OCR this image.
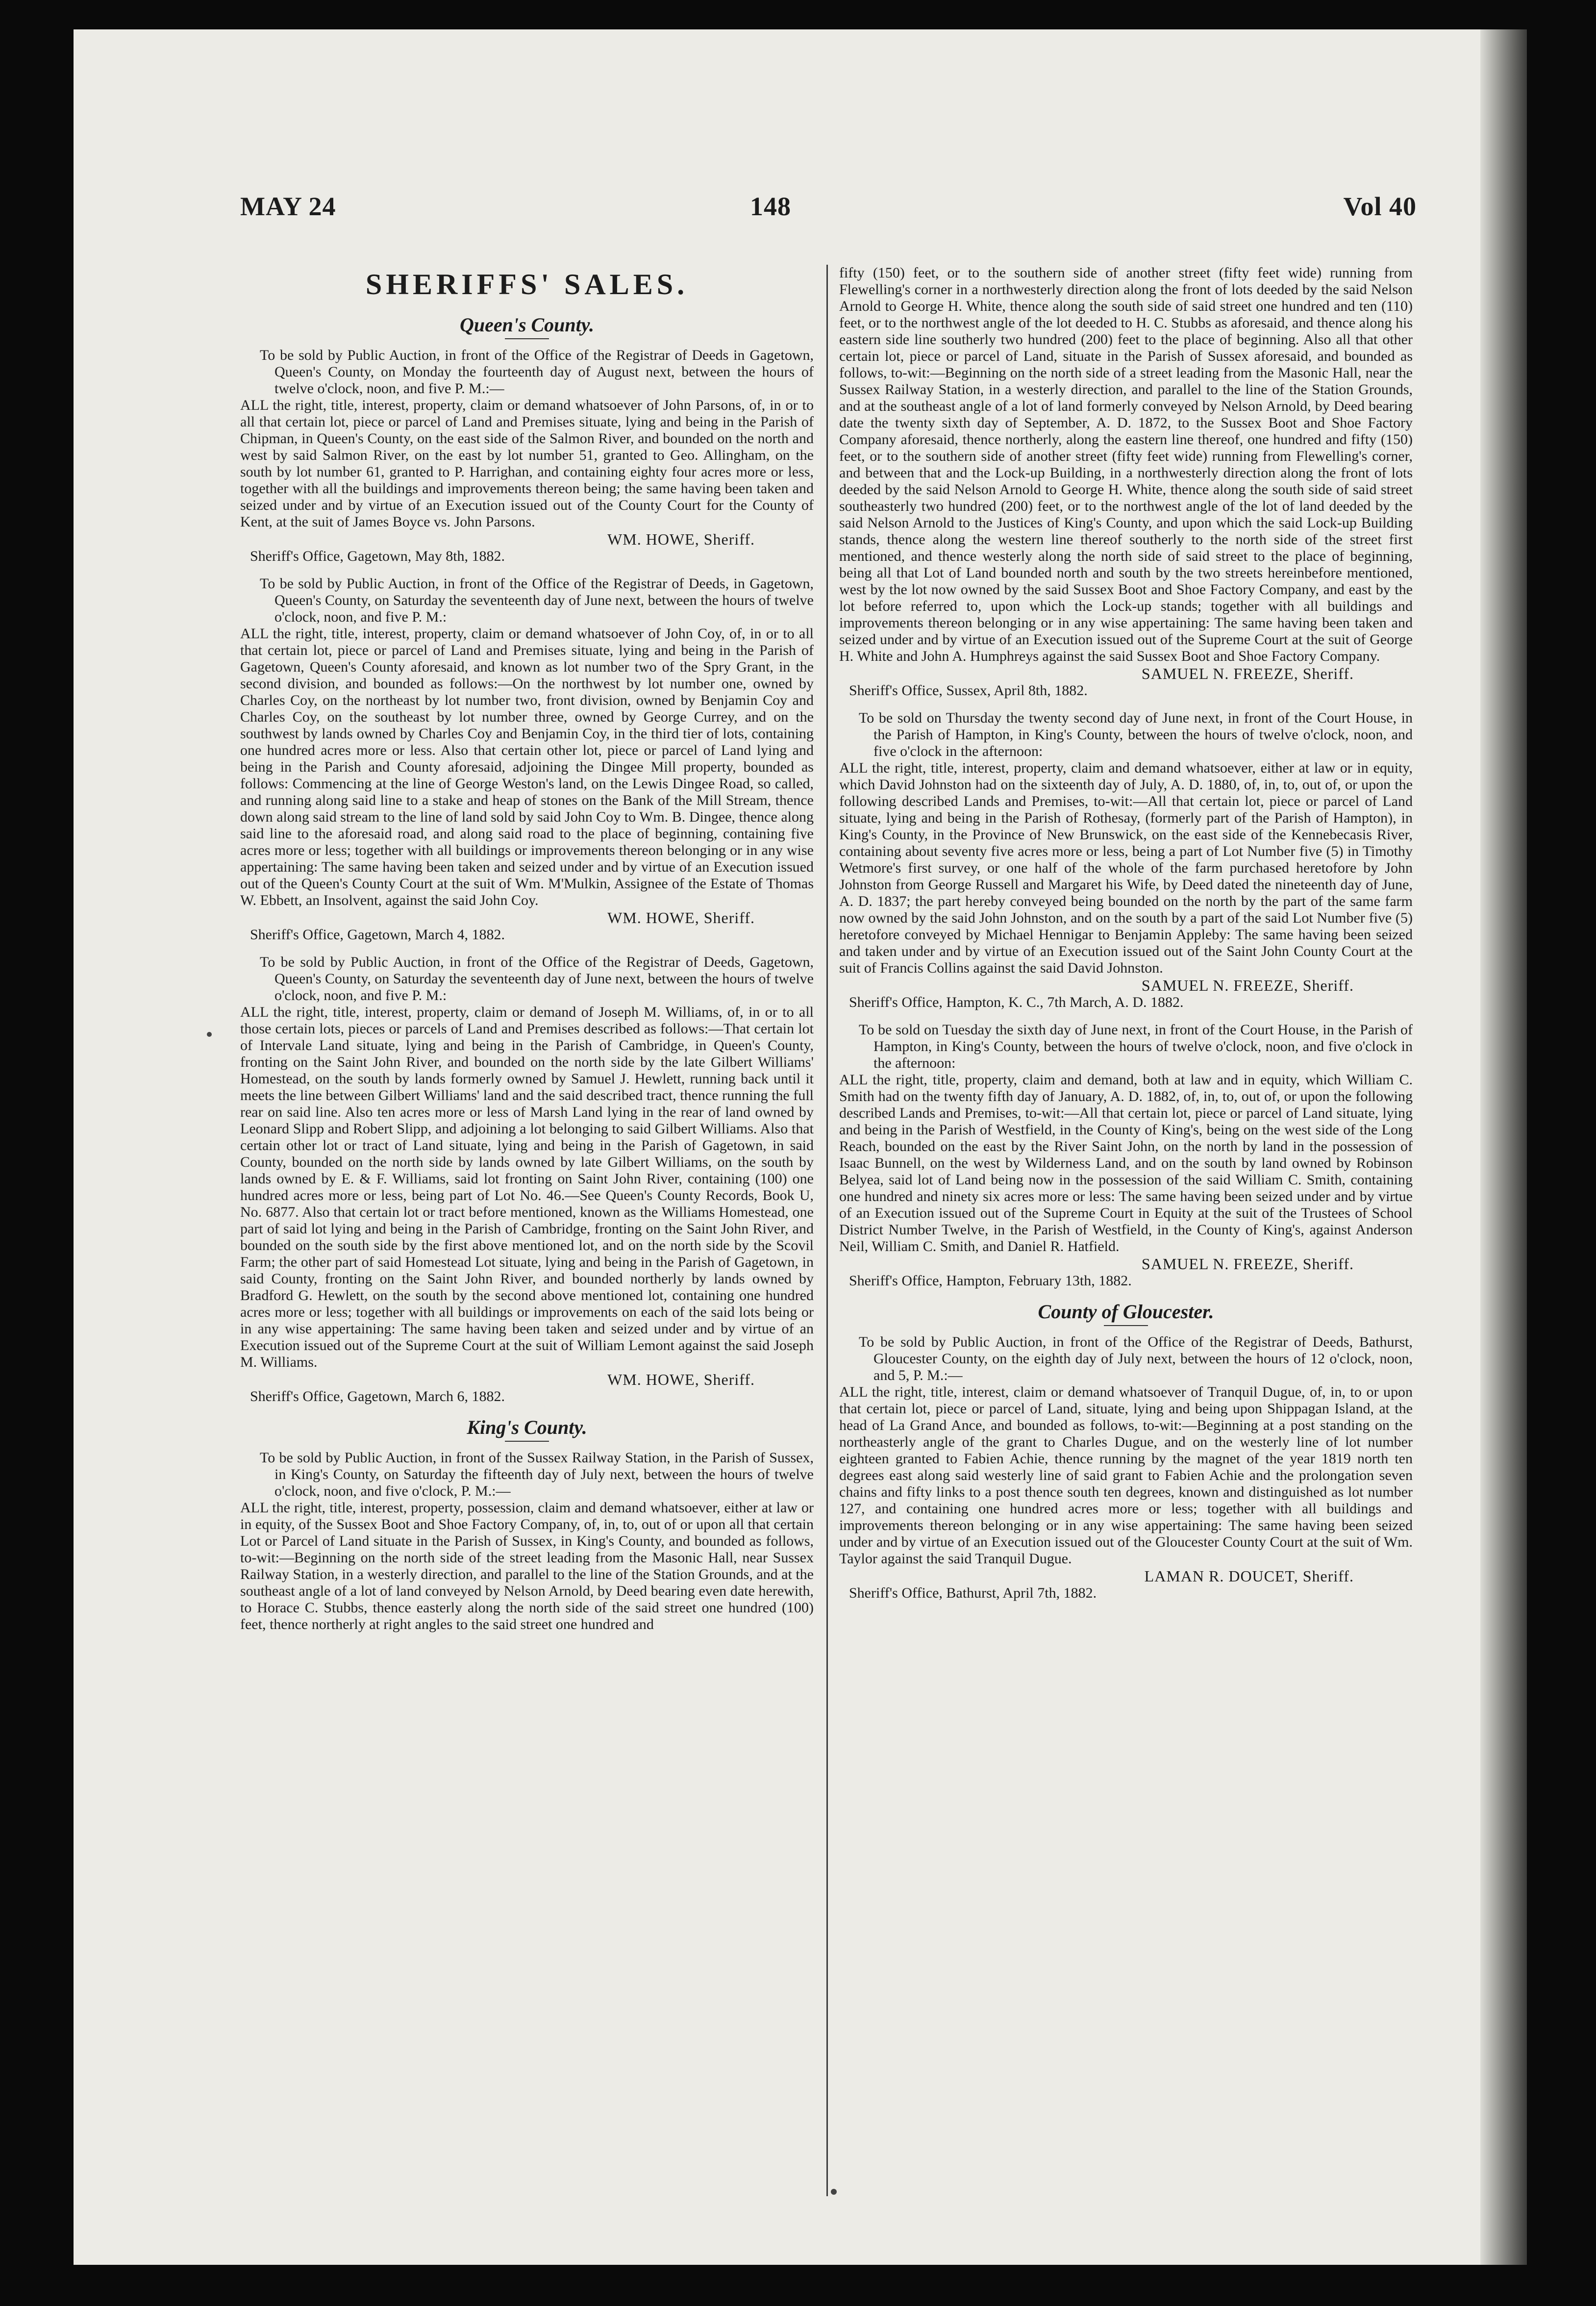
MAY 24	148	Vol 40
SHERIFFS' SALES.
Queen's County.

To be sold by Public Auction, in front of the Office of the Registrar of Deeds in Gagetown, Queen's County, on Monday the fourteenth day of August next, between the hours of twelve o'clock, noon, and five P. M.:—

ALL the right, title, interest, property, claim or demand whatsoever of John Parsons, of, in or to all that certain lot, piece or parcel of Land and Premises situate, lying and being in the Parish of Chipman, in Queen's County, on the east side of the Salmon River, and bounded on the north and west by said Salmon River, on the east by lot number 51, granted to Geo. Allingham, on the south by lot number 61, granted to P. Harrighan, and containing eighty four acres more or less, together with all the buildings and improvements thereon being; the same having been taken and seized under and by virtue of an Execution issued out of the County Court for the County of Kent, at the suit of James Boyce vs. John Parsons.

WM. HOWE, Sheriff.

Sheriff's Office, Gagetown, May 8th, 1882.

To be sold by Public Auction, in front of the Office of the Registrar of Deeds, in Gagetown, Queen's County, on Saturday the seventeenth day of June next, between the hours of twelve o'clock, noon, and five P. M.:

ALL the right, title, interest, property, claim or demand whatsoever of John Coy, of, in or to all that certain lot, piece or parcel of Land and Premises situate, lying and being in the Parish of Gagetown, Queen's County aforesaid, and known as lot number two of the Spry Grant, in the second division, and bounded as follows:—On the northwest by lot number one, owned by Charles Coy, on the northeast by lot number two, front division, owned by Benjamin Coy and Charles Coy, on the southeast by lot number three, owned by George Currey, and on the southwest by lands owned by Charles Coy and Benjamin Coy, in the third tier of lots, containing one hundred acres more or less. Also that certain other lot, piece or parcel of Land lying and being in the Parish and County aforesaid, adjoining the Dingee Mill property, bounded as follows: Commencing at the line of George Weston's land, on the Lewis Dingee Road, so called, and running along said line to a stake and heap of stones on the Bank of the Mill Stream, thence down along said stream to the line of land sold by said John Coy to Wm. B. Dingee, thence along said line to the aforesaid road, and along said road to the place of beginning, containing five acres more or less; together with all buildings or improvements thereon belonging or in any wise appertaining: The same having been taken and seized under and by virtue of an Execution issued out of the Queen's County Court at the suit of Wm. M'Mulkin, Assignee of the Estate of Thomas W. Ebbett, an Insolvent, against the said John Coy.

WM. HOWE, Sheriff.

Sheriff's Office, Gagetown, March 4, 1882.

To be sold by Public Auction, in front of the Office of the Registrar of Deeds, Gagetown, Queen's County, on Saturday the seventeenth day of June next, between the hours of twelve o'clock, noon, and five P. M.:

ALL the right, title, interest, property, claim or demand of Joseph M. Williams, of, in or to all those certain lots, pieces or parcels of Land and Premises described as follows:—That certain lot of Intervale Land situate, lying and being in the Parish of Cambridge, in Queen's County, fronting on the Saint John River, and bounded on the north side by the late Gilbert Williams' Homestead, on the south by lands formerly owned by Samuel J. Hewlett, running back until it meets the line between Gilbert Williams' land and the said described tract, thence running the full rear on said line. Also ten acres more or less of Marsh Land lying in the rear of land owned by Leonard Slipp and Robert Slipp, and adjoining a lot belonging to said Gilbert Williams. Also that certain other lot or tract of Land situate, lying and being in the Parish of Gagetown, in said County, bounded on the north side by lands owned by late Gilbert Williams, on the south by lands owned by E. & F. Williams, said lot fronting on Saint John River, containing (100) one hundred acres more or less, being part of Lot No. 46.—See Queen's County Records, Book U, No. 6877. Also that certain lot or tract before mentioned, known as the Williams Homestead, one part of said lot lying and being in the Parish of Cambridge, fronting on the Saint John River, and bounded on the south side by the first above mentioned lot, and on the north side by the Scovil Farm; the other part of said Homestead Lot situate, lying and being in the Parish of Gagetown, in said County, fronting on the Saint John River, and bounded northerly by lands owned by Bradford G. Hewlett, on the south by the second above mentioned lot, containing one hundred acres more or less; together with all buildings or improvements on each of the said lots being or in any wise appertaining: The same having been taken and seized under and by virtue of an Execution issued out of the Supreme Court at the suit of William Lemont against the said Joseph M. Williams.

WM. HOWE, Sheriff.

Sheriff's Office, Gagetown, March 6, 1882.

King's County.

To be sold by Public Auction, in front of the Sussex Railway Station, in the Parish of Sussex, in King's County, on Saturday the fifteenth day of July next, between the hours of twelve o'clock, noon, and five o'clock, P. M.:—

ALL the right, title, interest, property, possession, claim and demand whatsoever, either at law or in equity, of the Sussex Boot and Shoe Factory Company, of, in, to, out of or upon all that certain Lot or Parcel of Land situate in the Parish of Sussex, in King's County, and bounded as follows, to-wit:—Beginning on the north side of the street leading from the Masonic Hall, near Sussex Railway Station, in a westerly direction, and parallel to the line of the Station Grounds, and at the southeast angle of a lot of land conveyed by Nelson Arnold, by Deed bearing even date herewith, to Horace C. Stubbs, thence easterly along the north side of the said street one hundred (100) feet, thence northerly at right angles to the said street one hundred and

fifty (150) feet, or to the southern side of another street (fifty feet wide) running from Flewelling's corner in a northwesterly direction along the front of lots deeded by the said Nelson Arnold to George H. White, thence along the south side of said street one hundred and ten (110) feet, or to the northwest angle of the lot deeded to H. C. Stubbs as aforesaid, and thence along his eastern side line southerly two hundred (200) feet to the place of beginning. Also all that other certain lot, piece or parcel of Land, situate in the Parish of Sussex aforesaid, and bounded as follows, to-wit:—Beginning on the north side of a street leading from the Masonic Hall, near the Sussex Railway Station, in a westerly direction, and parallel to the line of the Station Grounds, and at the southeast angle of a lot of land formerly conveyed by Nelson Arnold, by Deed bearing date the twenty sixth day of September, A. D. 1872, to the Sussex Boot and Shoe Factory Company aforesaid, thence northerly, along the eastern line thereof, one hundred and fifty (150) feet, or to the southern side of another street (fifty feet wide) running from Flewelling's corner, and between that and the Lock-up Building, in a northwesterly direction along the front of lots deeded by the said Nelson Arnold to George H. White, thence along the south side of said street southeasterly two hundred (200) feet, or to the northwest angle of the lot of land deeded by the said Nelson Arnold to the Justices of King's County, and upon which the said Lock-up Building stands, thence along the western line thereof southerly to the north side of the street first mentioned, and thence westerly along the north side of said street to the place of beginning, being all that Lot of Land bounded north and south by the two streets hereinbefore mentioned, west by the lot now owned by the said Sussex Boot and Shoe Factory Company, and east by the lot before referred to, upon which the Lock-up stands; together with all buildings and improvements thereon belonging or in any wise appertaining: The same having been taken and seized under and by virtue of an Execution issued out of the Supreme Court at the suit of George H. White and John A. Humphreys against the said Sussex Boot and Shoe Factory Company.

SAMUEL N. FREEZE, Sheriff.

Sheriff's Office, Sussex, April 8th, 1882.

To be sold on Thursday the twenty second day of June next, in front of the Court House, in the Parish of Hampton, in King's County, between the hours of twelve o'clock, noon, and five o'clock in the afternoon:

ALL the right, title, interest, property, claim and demand whatsoever, either at law or in equity, which David Johnston had on the sixteenth day of July, A. D. 1880, of, in, to, out of, or upon the following described Lands and Premises, to-wit:—All that certain lot, piece or parcel of Land situate, lying and being in the Parish of Rothesay, (formerly part of the Parish of Hampton), in King's County, in the Province of New Brunswick, on the east side of the Kennebecasis River, containing about seventy five acres more or less, being a part of Lot Number five (5) in Timothy Wetmore's first survey, or one half of the whole of the farm purchased heretofore by John Johnston from George Russell and Margaret his Wife, by Deed dated the nineteenth day of June, A. D. 1837; the part hereby conveyed being bounded on the north by the part of the same farm now owned by the said John Johnston, and on the south by a part of the said Lot Number five (5) heretofore conveyed by Michael Hennigar to Benjamin Appleby: The same having been seized and taken under and by virtue of an Execution issued out of the Saint John County Court at the suit of Francis Collins against the said David Johnston.

SAMUEL N. FREEZE, Sheriff.

Sheriff's Office, Hampton, K. C., 7th March, A. D. 1882.

To be sold on Tuesday the sixth day of June next, in front of the Court House, in the Parish of Hampton, in King's County, between the hours of twelve o'clock, noon, and five o'clock in the afternoon:

ALL the right, title, property, claim and demand, both at law and in equity, which William C. Smith had on the twenty fifth day of January, A. D. 1882, of, in, to, out of, or upon the following described Lands and Premises, to-wit:—All that certain lot, piece or parcel of Land situate, lying and being in the Parish of Westfield, in the County of King's, being on the west side of the Long Reach, bounded on the east by the River Saint John, on the north by land in the possession of Isaac Bunnell, on the west by Wilderness Land, and on the south by land owned by Robinson Belyea, said lot of Land being now in the possession of the said William C. Smith, containing one hundred and ninety six acres more or less: The same having been seized under and by virtue of an Execution issued out of the Supreme Court in Equity at the suit of the Trustees of School District Number Twelve, in the Parish of Westfield, in the County of King's, against Anderson Neil, William C. Smith, and Daniel R. Hatfield.

SAMUEL N. FREEZE, Sheriff.

Sheriff's Office, Hampton, February 13th, 1882.

County of Gloucester.

To be sold by Public Auction, in front of the Office of the Registrar of Deeds, Bathurst, Gloucester County, on the eighth day of July next, between the hours of 12 o'clock, noon, and 5, P. M.:—

ALL the right, title, interest, claim or demand whatsoever of Tranquil Dugue, of, in, to or upon that certain lot, piece or parcel of Land, situate, lying and being upon Shippagan Island, at the head of La Grand Ance, and bounded as follows, to-wit:—Beginning at a post standing on the northeasterly angle of the grant to Charles Dugue, and on the westerly line of lot number eighteen granted to Fabien Achie, thence running by the magnet of the year 1819 north ten degrees east along said westerly line of said grant to Fabien Achie and the prolongation seven chains and fifty links to a post thence south ten degrees, known and distinguished as lot number 127, and containing one hundred acres more or less; together with all buildings and improvements thereon belonging or in any wise appertaining: The same having been seized under and by virtue of an Execution issued out of the Gloucester County Court at the suit of Wm. Taylor against the said Tranquil Dugue.

LAMAN R. DOUCET, Sheriff.

Sheriff's Office, Bathurst, April 7th, 1882.
